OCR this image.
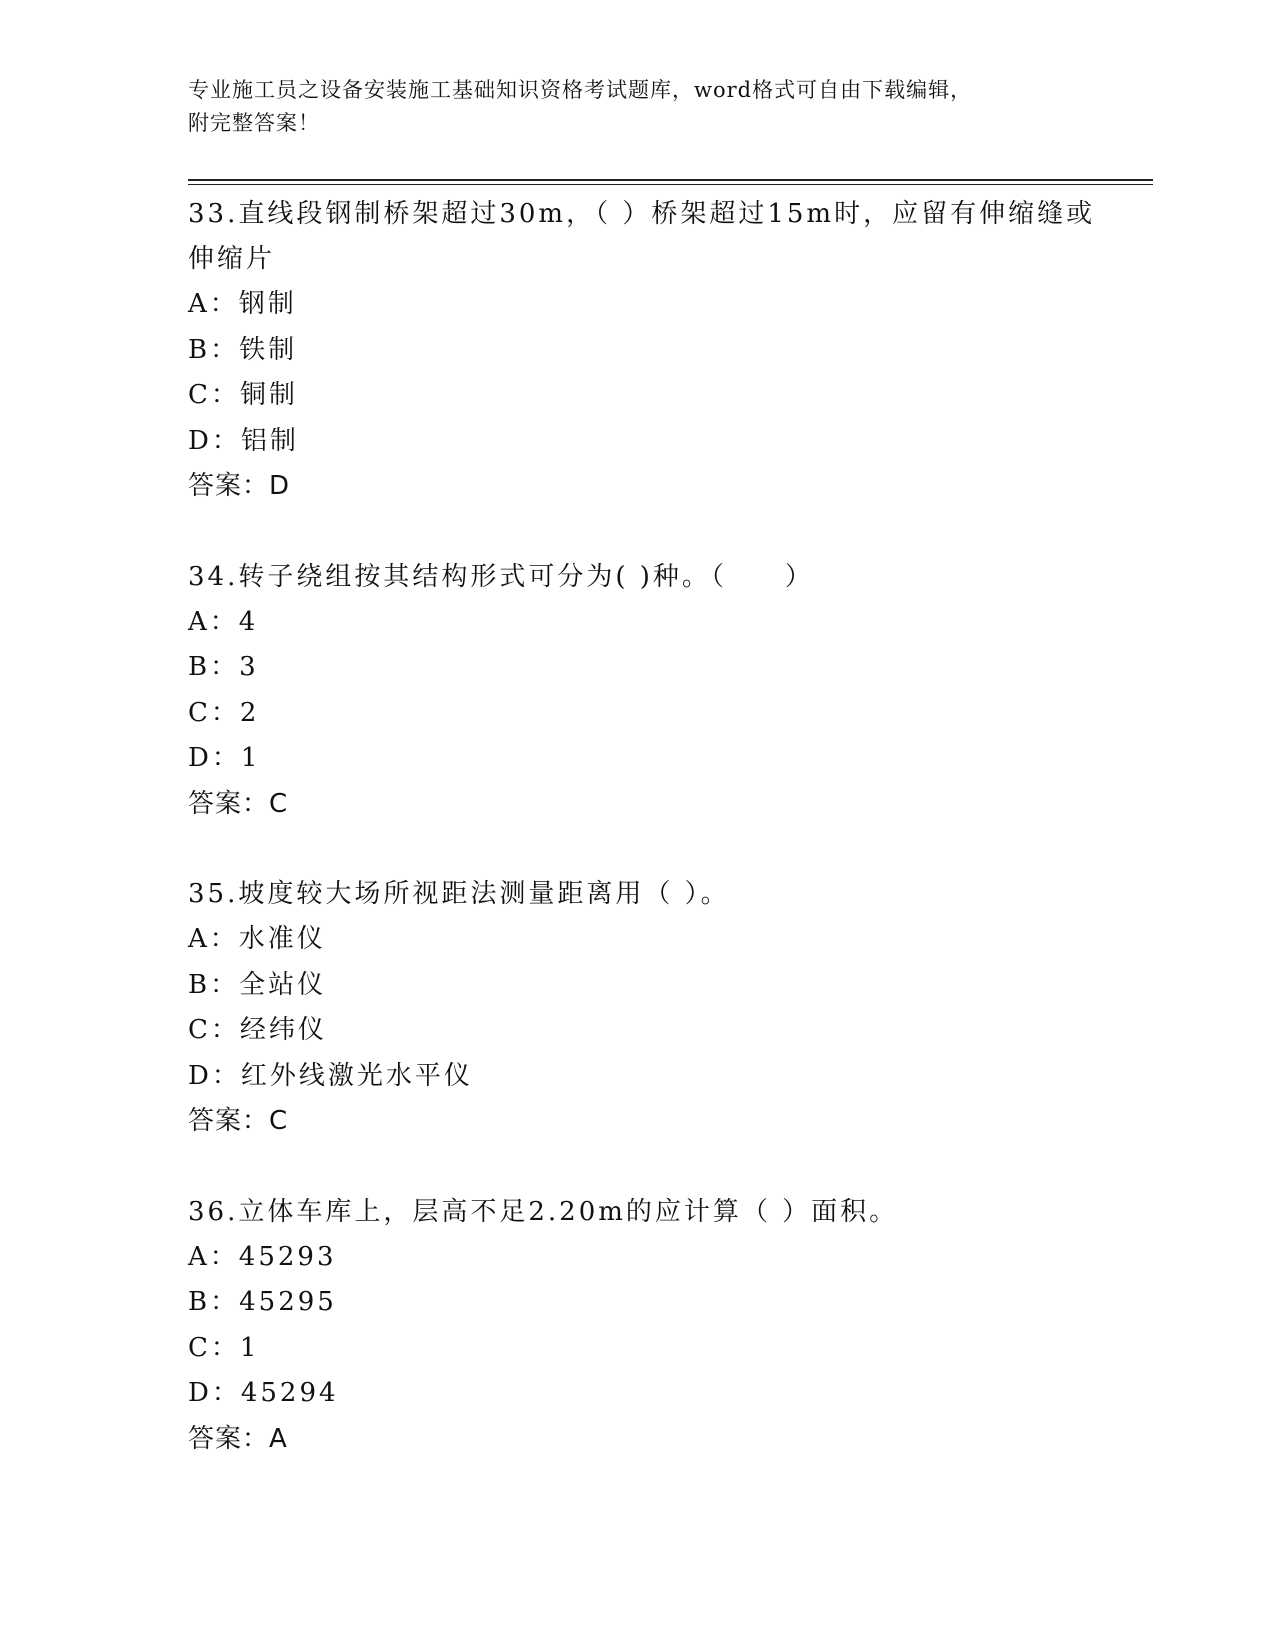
专业施工员之设备安装施工基础知识资格考试题库，word格式可自由下载编辑，
附完整答案！
33.直线段钢制桥架超过30m，（ ）桥架超过15m时，应留有伸缩缝或
伸缩片
A：钢制
B：铁制
C：铜制
D：铝制
答案：D
34.转子绕组按其结构形式可分为( )种。（　　）
A：4
B：3
C：2
D：1
答案：C
35.坡度较大场所视距法测量距离用（ ）。
A：水准仪
B：全站仪
C：经纬仪
D：红外线激光水平仪
答案：C
36.立体车库上，层高不足2.20m的应计算（ ）面积。
A：45293
B：45295
C：1
D：45294
答案：A
